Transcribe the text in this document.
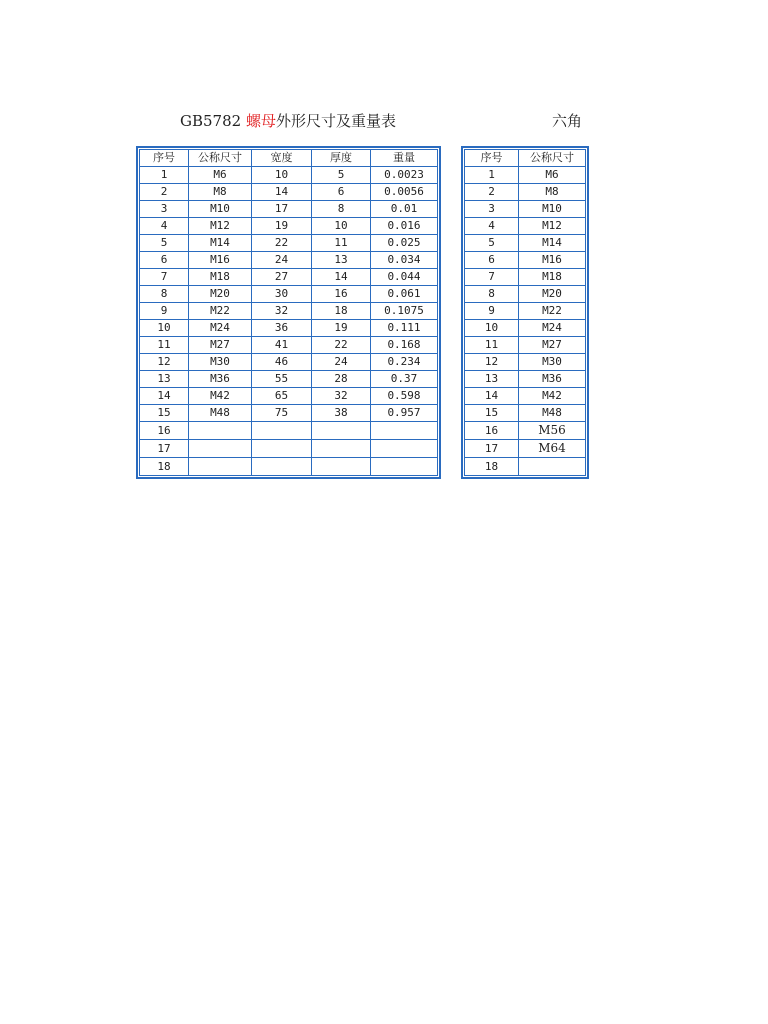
GB5782 螺母外形尺寸及重量表	六角
序号	公称尺寸	宽度	厚度	重量
1	M6	10	5	0.0023
2	M8	14	6	0.0056
3	M10	17	8	0.01
4	M12	19	10	0.016
5	M14	22	11	0.025
6	M16	24	13	0.034
7	M18	27	14	0.044
8	M20	30	16	0.061
9	M22	32	18	0.1075
10	M24	36	19	0.111
11	M27	41	22	0.168
12	M30	46	24	0.234
13	M36	55	28	0.37
14	M42	65	32	0.598
15	M48	75	38	0.957
16				
17				
18				
序号	公称尺寸
1	M6
2	M8
3	M10
4	M12
5	M14
6	M16
7	M18
8	M20
9	M22
10	M24
11	M27
12	M30
13	M36
14	M42
15	M48
16	M56
17	M64
18	
